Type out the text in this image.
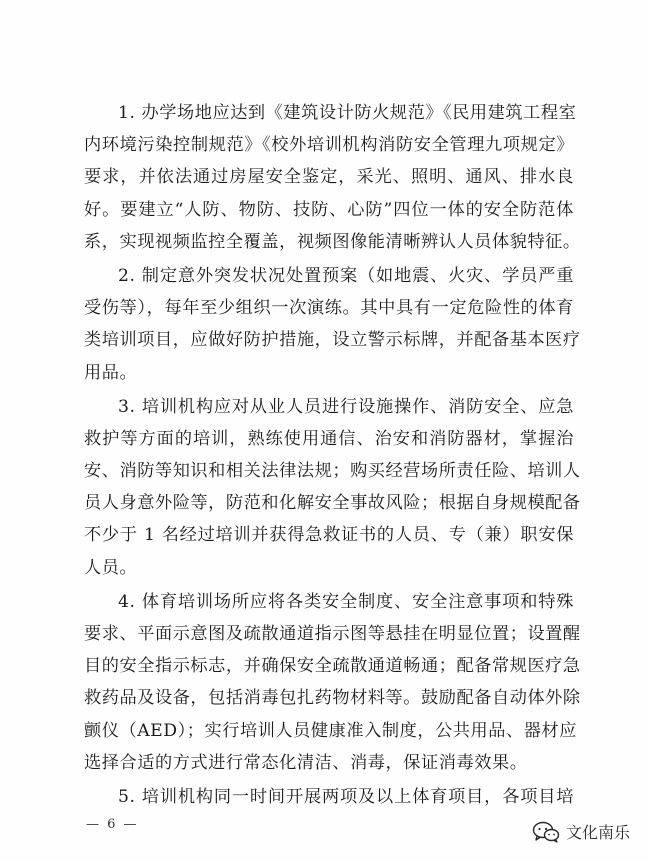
1. 办学场地应达到《建筑设计防火规范》《民用建筑工程室
内环境污染控制规范》《校外培训机构消防安全管理九项规定》
要求，并依法通过房屋安全鉴定，采光、照明、通风、排水良
好。要建立“人防、物防、技防、心防”四位一体的安全防范体
系，实现视频监控全覆盖，视频图像能清晰辨认人员体貌特征。
2. 制定意外突发状况处置预案（如地震、火灾、学员严重
受伤等），每年至少组织一次演练。其中具有一定危险性的体育
类培训项目，应做好防护措施，设立警示标牌，并配备基本医疗
用品。
3. 培训机构应对从业人员进行设施操作、消防安全、应急
救护等方面的培训，熟练使用通信、治安和消防器材，掌握治
安、消防等知识和相关法律法规；购买经营场所责任险、培训人
员人身意外险等，防范和化解安全事故风险；根据自身规模配备
不少于 1 名经过培训并获得急救证书的人员、专（兼）职安保
人员。
4. 体育培训场所应将各类安全制度、安全注意事项和特殊
要求、平面示意图及疏散通道指示图等悬挂在明显位置；设置醒
目的安全指示标志，并确保安全疏散通道畅通；配备常规医疗急
救药品及设备，包括消毒包扎药物材料等。鼓励配备自动体外除
颤仪（AED）；实行培训人员健康准入制度，公共用品、器材应
选择合适的方式进行常态化清洁、消毒，保证消毒效果。
5. 培训机构同一时间开展两项及以上体育项目，各项目培
— 6 —	文化南乐
